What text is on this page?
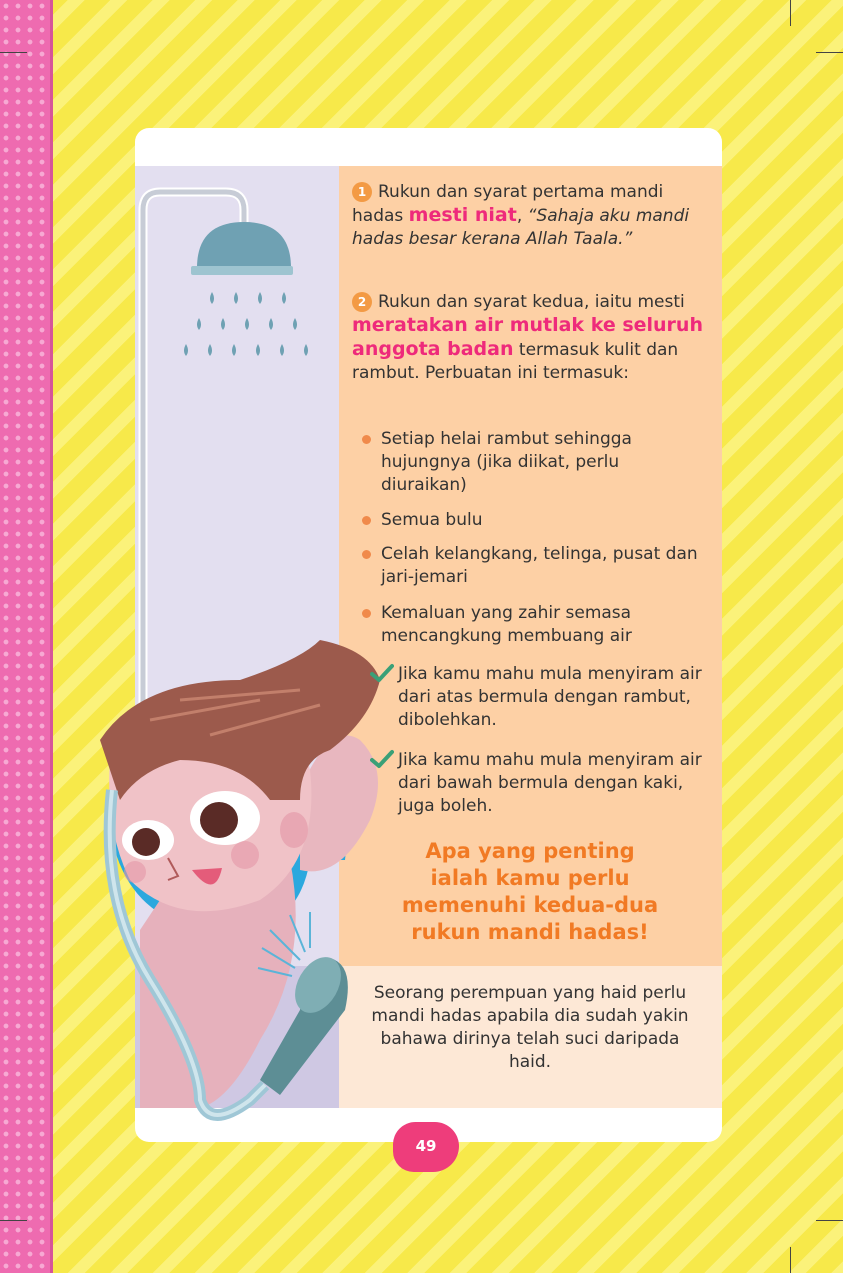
1 Rukun dan syarat pertama mandi hadas mesti niat, “Sahaja aku mandi hadas besar kerana Allah Taala.”
2 Rukun dan syarat kedua, iaitu mesti meratakan air mutlak ke seluruh anggota badan termasuk kulit dan rambut. Perbuatan ini termasuk:
Setiap helai rambut sehingga hujungnya (jika diikat, perlu diuraikan)
Semua bulu
Celah kelangkang, telinga, pusat dan jari-jemari
Kemaluan yang zahir semasa mencangkung membuang air
Jika kamu mahu mula menyiram air dari atas bermula dengan rambut, dibolehkan.
Jika kamu mahu mula menyiram air dari bawah bermula dengan kaki, juga boleh.
Apa yang penting
ialah kamu perlu
memenuhi kedua-dua
rukun mandi hadas!
Seorang perempuan yang haid perlu mandi hadas apabila dia sudah yakin bahawa dirinya telah suci daripada haid.
49
